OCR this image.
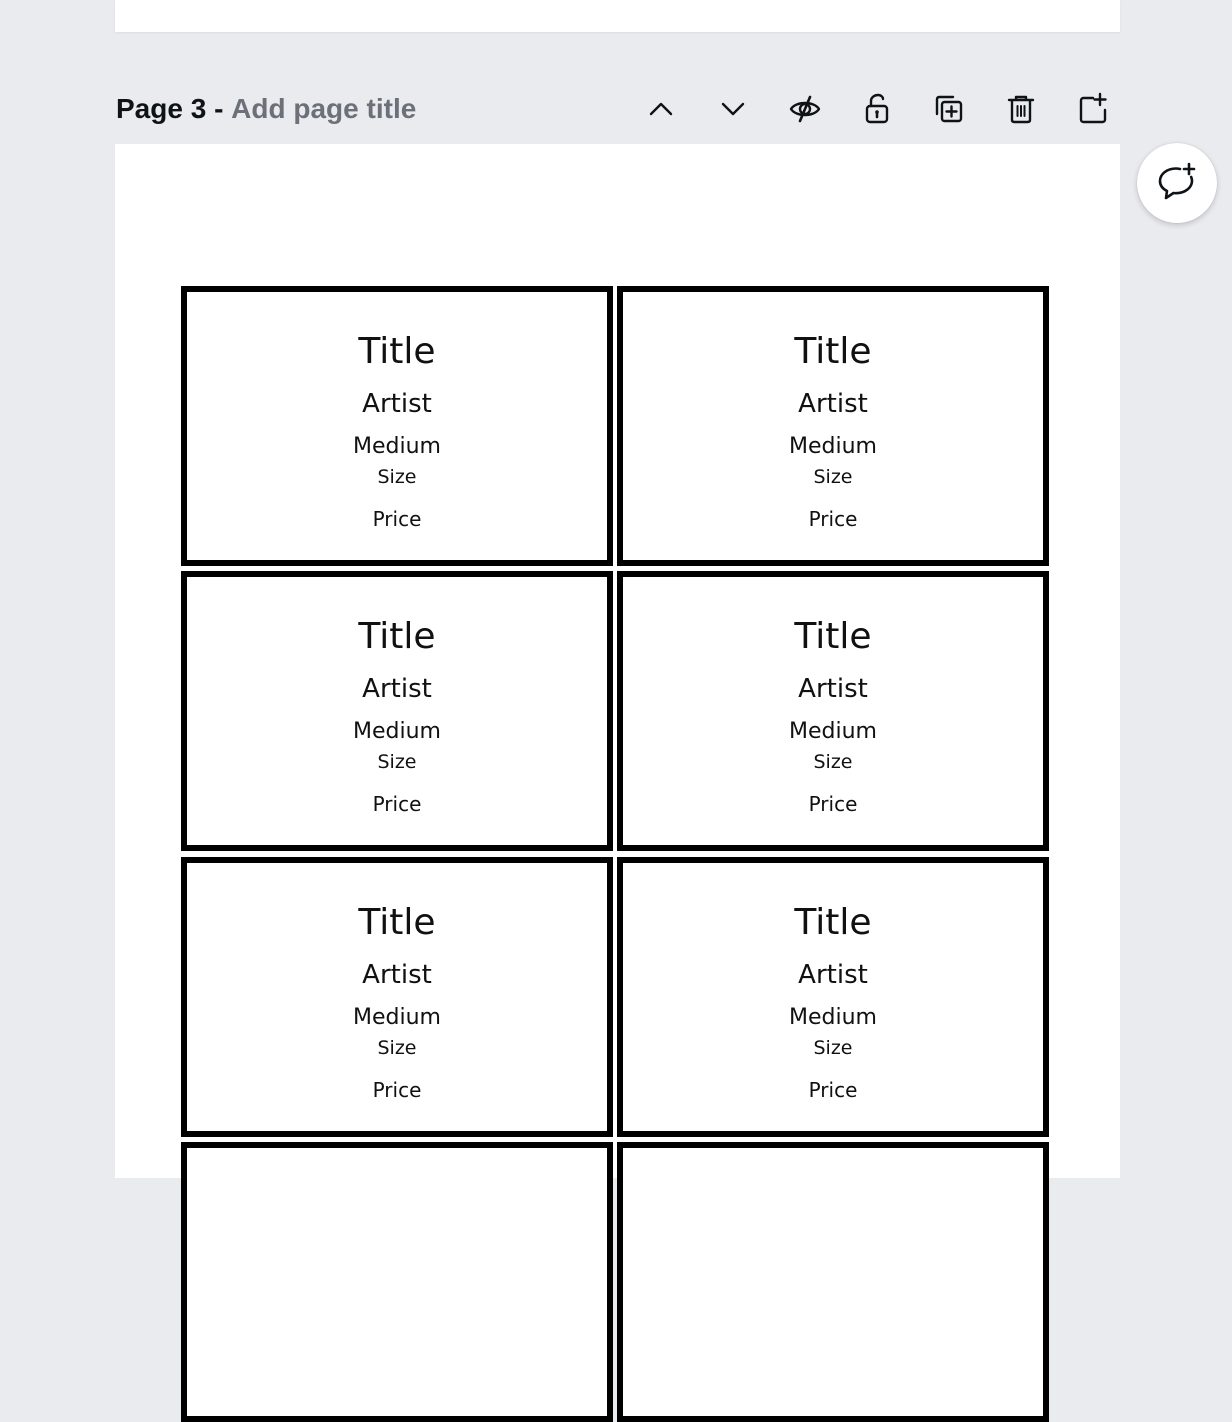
Page 3 - Add page title
Title
Artist
Medium
Size
Price
Title
Artist
Medium
Size
Price
Title
Artist
Medium
Size
Price
Title
Artist
Medium
Size
Price
Title
Artist
Medium
Size
Price
Title
Artist
Medium
Size
Price
